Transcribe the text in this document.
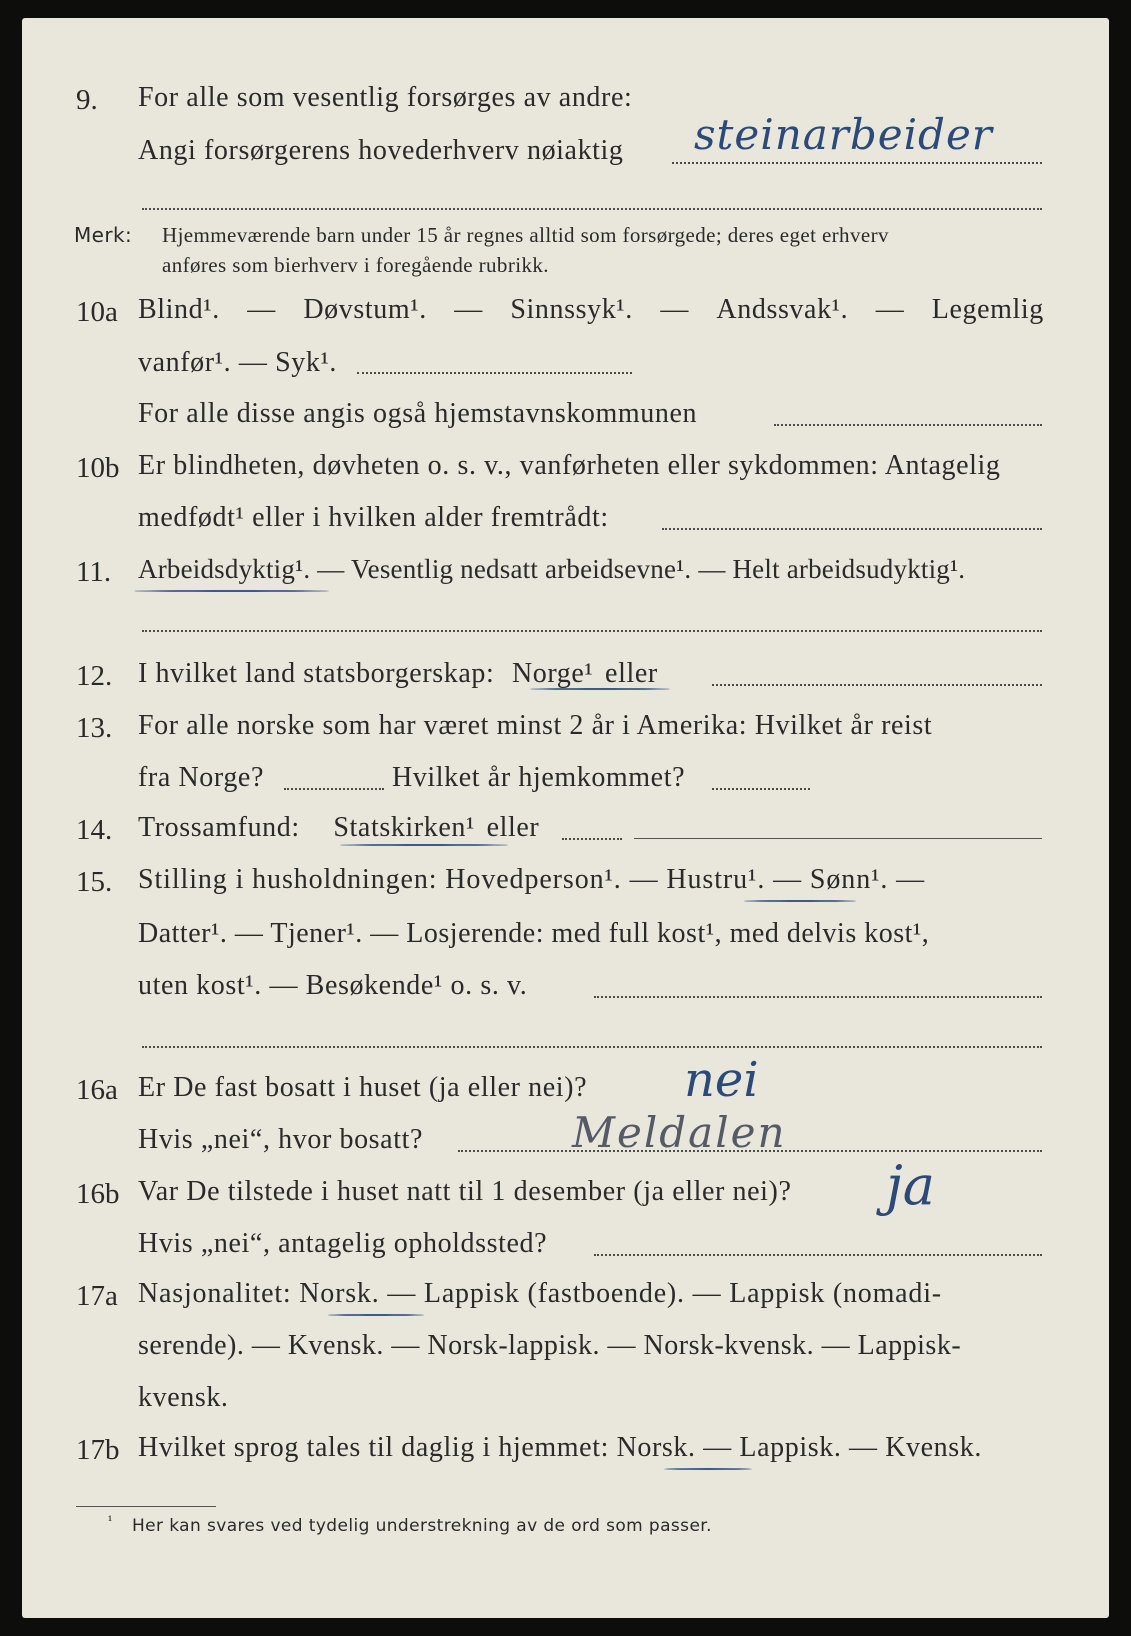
9. For alle som vesentlig forsørges av andre:
Angi forsørgerens hovederhverv nøiaktig steinarbeider
Merk: Hjemmeværende barn under 15 år regnes alltid som forsørgede; deres eget erhverv
anføres som bierhverv i foregående rubrikk.
10a Blind¹. — Døvstum¹. — Sinnssyk¹. — Andssvak¹. — Legemlig
vanfør¹. — Syk¹.
For alle disse angis også hjemstavnskommunen
10b Er blindheten, døvheten o. s. v., vanførheten eller sykdommen: Antagelig
medfødt¹ eller i hvilken alder fremtrådt:
11. Arbeidsdyktig¹. — Vesentlig nedsatt arbeidsevne¹. — Helt arbeidsudyktig¹.
12. I hvilket land statsborgerskap: Norge¹ eller
13. For alle norske som har været minst 2 år i Amerika: Hvilket år reist
fra Norge?	Hvilket år hjemkommet?
14. Trossamfund: Statskirken¹ eller
15. Stilling i husholdningen: Hovedperson¹. — Hustru¹. — Sønn¹. —
Datter¹. — Tjener¹. — Losjerende: med full kost¹, med delvis kost¹,
uten kost¹. — Besøkende¹ o. s. v.
16a Er De fast bosatt i huset (ja eller nei)? nei
Hvis „nei“, hvor bosatt?	Meldalen
16b Var De tilstede i huset natt til 1 desember (ja eller nei)? ja
Hvis „nei“, antagelig opholdssted?
17a Nasjonalitet: Norsk. — Lappisk (fastboende). — Lappisk (nomadi-
serende). — Kvensk. — Norsk-lappisk. — Norsk-kvensk. — Lappisk-
kvensk.
17b Hvilket sprog tales til daglig i hjemmet: Norsk. — Lappisk. — Kvensk.
¹ Her kan svares ved tydelig understrekning av de ord som passer.
